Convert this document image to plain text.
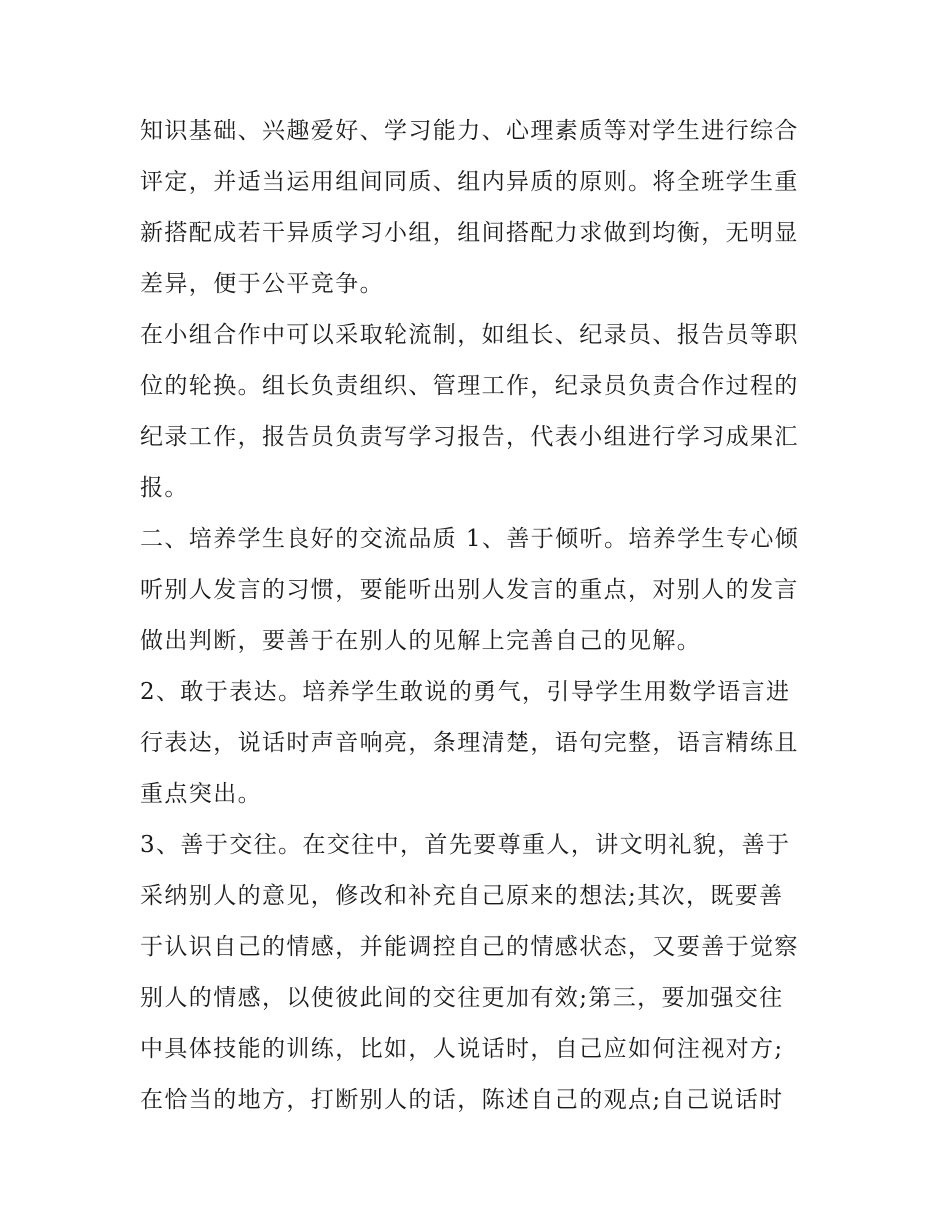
知识基础、兴趣爱好、学习能力、心理素质等对学生进行综合
评定，并适当运用组间同质、组内异质的原则。将全班学生重
新搭配成若干异质学习小组，组间搭配力求做到均衡，无明显
差异，便于公平竞争。

在小组合作中可以采取轮流制，如组长、纪录员、报告员等职
位的轮换。组长负责组织、管理工作，纪录员负责合作过程的
纪录工作，报告员负责写学习报告，代表小组进行学习成果汇
报。

二、培养学生良好的交流品质 1、善于倾听。培养学生专心倾
听别人发言的习惯，要能听出别人发言的重点，对别人的发言
做出判断，要善于在别人的见解上完善自己的见解。

2、敢于表达。培养学生敢说的勇气，引导学生用数学语言进
行表达，说话时声音响亮，条理清楚，语句完整，语言精练且
重点突出。

3、善于交往。在交往中，首先要尊重人，讲文明礼貌，善于
采纳别人的意见，修改和补充自己原来的想法;其次，既要善
于认识自己的情感，并能调控自己的情感状态，又要善于觉察
别人的情感，以使彼此间的交往更加有效;第三，要加强交往
中具体技能的训练，比如，人说话时，自己应如何注视对方;
在恰当的地方，打断别人的话，陈述自己的观点;自己说话时
